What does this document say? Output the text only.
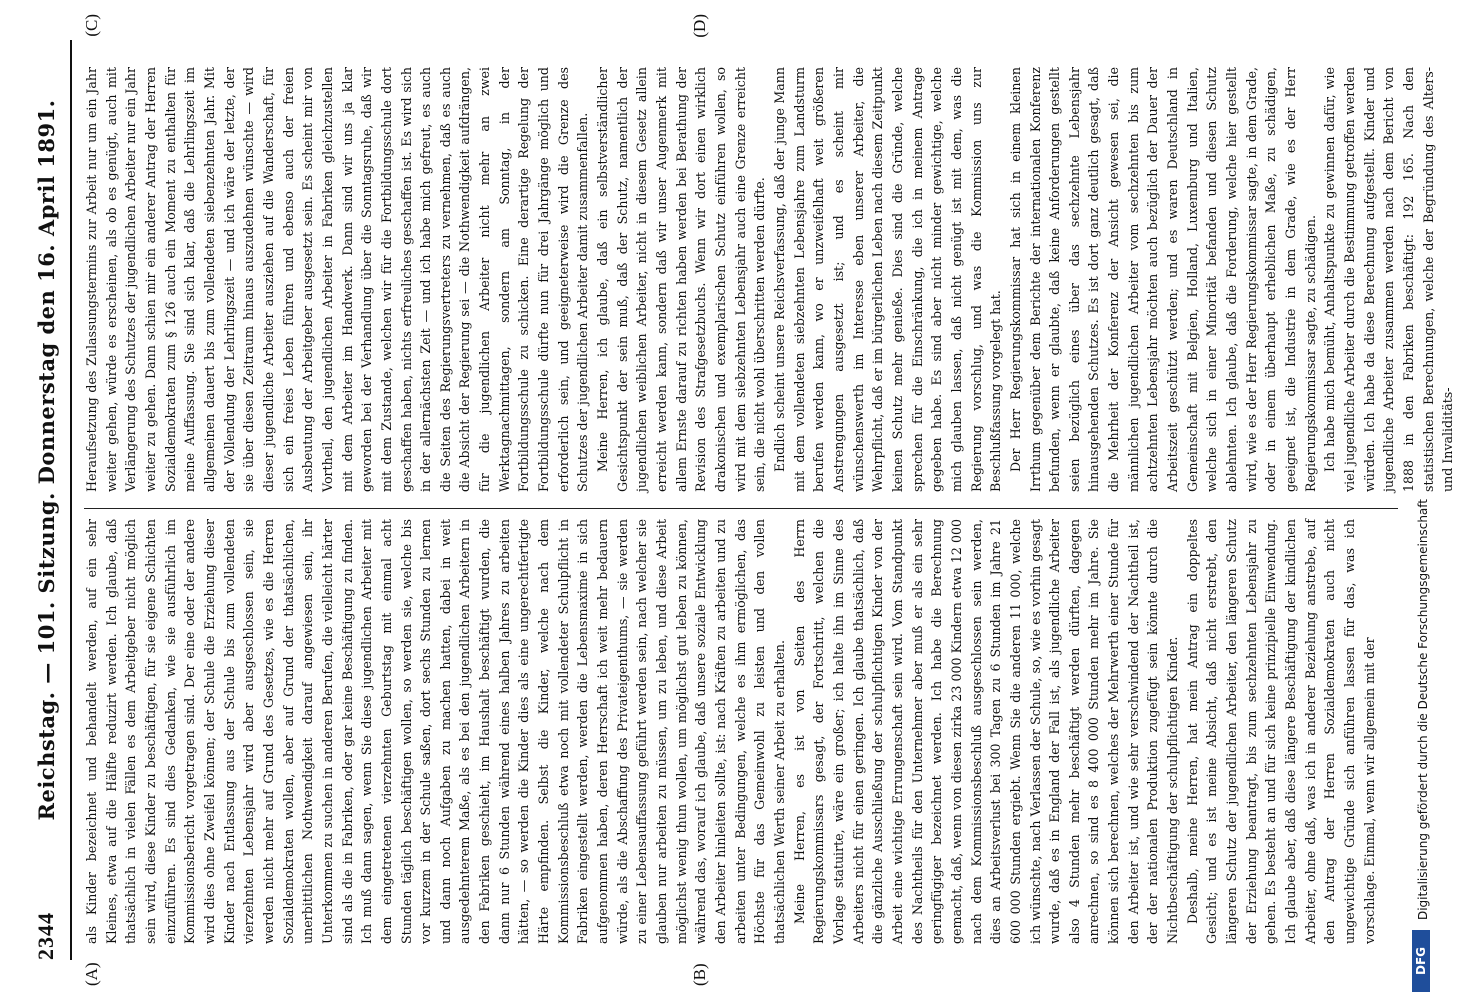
2344
Reichstag. — 101. Sitzung. Donnerstag den 16. April 1891.
(A)	(B)
(C)	(D)

als Kinder bezeichnet und behandelt werden, auf ein sehr Kleines, etwa auf die Hälfte reduzirt werden. Ich glaube, daß thatsächlich in vielen Fällen es dem Arbeitgeber nicht möglich sein wird, diese Kinder zu beschäftigen, für sie eigene Schichten einzuführen. Es sind dies Gedanken, wie sie ausführlich im Kommissionsbericht vorgetragen sind. Der eine oder der andere wird dies ohne Zweifel können; der Schule die Erziehung dieser Kinder nach Entlassung aus der Schule bis zum vollendeten vierzehnten Lebensjahr wird aber ausgeschlossen sein, sie werden nicht mehr auf Grund des Gesetzes, wie es die Herren Sozialdemokraten wollen, aber auf Grund der thatsächlichen, unerbittlichen Nothwendigkeit darauf angewiesen sein, ihr Unterkommen zu suchen in anderen Berufen, die vielleicht härter sind als die in Fabriken, oder gar keine Beschäftigung zu finden. Ich muß dann sagen, wenn Sie diese jugendlichen Arbeiter mit dem eingetretenen vierzehnten Geburtstag mit einmal acht Stunden täglich beschäftigen wollen, so werden sie, welche bis vor kurzem in der Schule saßen, dort sechs Stunden zu lernen und dann noch Aufgaben zu machen hatten, dabei in weit ausgedehnterem Maße, als es bei den jugendlichen Arbeitern in den Fabriken geschieht, im Haushalt beschäftigt wurden, die dann nur 6 Stunden während eines halben Jahres zu arbeiten hätten, — so werden die Kinder dies als eine ungerechtfertigte Härte empfinden. Selbst die Kinder, welche nach dem Kommissionsbeschluß etwa noch mit vollendeter Schulpflicht in Fabriken eingestellt werden, werden die Lebensmaxime in sich aufgenommen haben, deren Herrschaft ich weit mehr bedauern würde, als die Abschaffung des Privateigenthums, — sie werden zu einer Lebensauffassung geführt werden sein, nach welcher sie glauben nur arbeiten zu müssen, um zu leben, und diese Arbeit möglichst wenig thun wollen, um möglichst gut leben zu können, während das, worauf ich glaube, daß unsere soziale Entwicklung den Arbeiter hinleiten sollte, ist: nach Kräften zu arbeiten und zu arbeiten unter Bedingungen, welche es ihm ermöglichen, das Höchste für das Gemeinwohl zu leisten und den vollen thatsächlichen Werth seiner Arbeit zu erhalten. Meine Herren, es ist von Seiten des Herrn Regierungskommissars gesagt, der Fortschritt, welchen die Vorlage statuirte, wäre ein großer; ich halte ihn im Sinne des Arbeiters nicht für einen geringen. Ich glaube thatsächlich, daß die gänzliche Ausschließung der schulpflichtigen Kinder von der Arbeit eine wichtige Errungenschaft sein wird. Vom Standpunkt des Nachtheils für den Unternehmer aber muß er als ein sehr geringfügiger bezeichnet werden. Ich habe die Berechnung gemacht, daß, wenn von diesen zirka 23 000 Kindern etwa 12 000 nach dem Kommissionsbeschluß ausgeschlossen sein werden, dies an Arbeitsverlust bei 300 Tagen zu 6 Stunden im Jahre 21 600 000 Stunden ergiebt. Wenn Sie die anderen 11 000, welche ich wünschte, nach Verlassen der Schule, so, wie es vorhin gesagt wurde, daß es in England der Fall ist, als jugendliche Arbeiter also 4 Stunden mehr beschäftigt werden dürften, dagegen anrechnen, so sind es 8 400 000 Stunden mehr im Jahre. Sie können sich berechnen, welches der Mehrwerth einer Stunde für den Arbeiter ist, und wie sehr verschwindend der Nachtheil ist, der der nationalen Produktion zugefügt sein könnte durch die Nichtbeschäftigung der schulpflichtigen Kinder. Deshalb, meine Herren, hat mein Antrag ein doppeltes Gesicht; und es ist meine Absicht, daß nicht erstrebt, den längeren Schutz der jugendlichen Arbeiter, den längeren Schutz der Erziehung beantragt, bis zum sechzehnten Lebensjahr zu gehen. Es besteht an und für sich keine prinzipielle Einwendung. Ich glaube aber, daß diese längere Beschäftigung der kindlichen Arbeiter, ohne daß, was ich in anderer Beziehung anstrebe, auf den Antrag der Herren Sozialdemokraten auch nicht ungewichtige Gründe sich anführen lassen für das, was ich vorschlage. Einmal, wenn wir allgemein mit der

Heraufsetzung des Zulassungstermins zur Arbeit nur um ein Jahr weiter gehen, würde es erscheinen, als ob es genügt, auch mit Verlängerung des Schutzes der jugendlichen Arbeiter nur ein Jahr weiter zu gehen. Dann schien mir ein anderer Antrag der Herren Sozialdemokraten zum § 126 auch ein Moment zu enthalten für meine Auffassung. Sie sind sich klar, daß die Lehrlingszeit im allgemeinen dauert bis zum vollendeten siebenzehnten Jahr. Mit der Vollendung der Lehrlingszeit — und ich wäre der letzte, der sie über diesen Zeitraum hinaus auszudehnen wünschte — wird dieser jugendliche Arbeiter ausziehen auf die Wanderschaft, für sich ein freies Leben führen und ebenso auch der freien Ausbeutung der Arbeitgeber ausgesetzt sein. Es scheint mir von Vortheil, den jugendlichen Arbeiter in Fabriken gleichzustellen mit dem Arbeiter im Handwerk. Dann sind wir uns ja klar geworden bei der Verhandlung über die Sonntagsruhe, daß wir mit dem Zustande, welchen wir für die Fortbildungsschule dort geschaffen haben, nichts erfreuliches geschaffen ist. Es wird sich in der allernächsten Zeit — und ich habe mich gefreut, es auch die Seiten des Regierungsvertreters zu vernehmen, daß es auch die Absicht der Regierung sei — die Nothwendigkeit aufdrängen, für die jugendlichen Arbeiter nicht mehr an zwei Werktagnachmittagen, sondern am Sonntag, in der Fortbildungsschule zu schicken. Eine derartige Regelung der Fortbildungsschule dürfte nun für drei Jahrgänge möglich und erforderlich sein, und geeigneterweise wird die Grenze des Schutzes der jugendlichen Arbeiter damit zusammenfallen. Meine Herren, ich glaube, daß ein selbstverständlicher Gesichtspunkt der sein muß, daß der Schutz, namentlich der jugendlichen weiblichen Arbeiter, nicht in diesem Gesetz allein erreicht werden kann, sondern daß wir unser Augenmerk mit allem Ernste darauf zu richten haben werden bei Berathung der Revision des Strafgesetzbuchs. Wenn wir dort einen wirklich drakonischen und exemplarischen Schutz einführen wollen, so wird mit dem siebzehnten Lebensjahr auch eine Grenze erreicht sein, die nicht wohl überschritten werden dürfte. Endlich scheint unsere Reichsverfassung, daß der junge Mann mit dem vollendeten siebzehnten Lebensjahre zum Landsturm berufen werden kann, wo er unzweifelhaft weit größeren Anstrengungen ausgesetzt ist; und es scheint mir wünschenswerth im Interesse eben unserer Arbeiter, die Wehrpflicht, daß er im bürgerlichen Leben nach diesem Zeitpunkt keinen Schutz mehr genieße. Dies sind die Gründe, welche sprechen für die Einschränkung, die ich in meinem Antrage gegeben habe. Es sind aber nicht minder gewichtige, welche mich glauben lassen, daß nicht genügt ist mit dem, was die Regierung vorschlug, und was die Kommission uns zur Beschlußfassung vorgelegt hat. Der Herr Regierungskommissar hat sich in einem kleinen Irrthum gegenüber dem Berichte der internationalen Konferenz befunden, wenn er glaubte, daß keine Anforderungen gestellt seien bezüglich eines über das sechzehnte Lebensjahr hinausgehenden Schutzes. Es ist dort ganz deutlich gesagt, daß die Mehrheit der Konferenz der Ansicht gewesen sei, die männlichen jugendlichen Arbeiter vom sechzehnten bis zum achtzehnten Lebensjahr möchten auch bezüglich der Dauer der Arbeitszeit geschützt werden; und es waren Deutschland in Gemeinschaft mit Belgien, Holland, Luxemburg und Italien, welche sich in einer Minorität befanden und diesen Schutz ablehnten. Ich glaube, daß die Forderung, welche hier gestellt wird, wie es der Herr Regierungskommissar sagte, in dem Grade, oder in einem überhaupt erheblichen Maße, zu schädigen, geeignet ist, die Industrie in dem Grade, wie es der Herr Regierungskommissar sagte, zu schädigen. Ich habe mich bemüht, Anhaltspunkte zu gewinnen dafür, wie viel jugendliche Arbeiter durch die Bestimmung getroffen werden würden. Ich habe da diese Berechnung aufgestellt. Kinder und jugendliche Arbeiter zusammen werden nach dem Bericht von 1888 in den Fabriken beschäftigt: 192 165. Nach den statistischen Berechnungen, welche der Begründung des Alters- und Invaliditäts-

Digitalisierung gefördert durch die Deutsche Forschungsgemeinschaft
DFG
